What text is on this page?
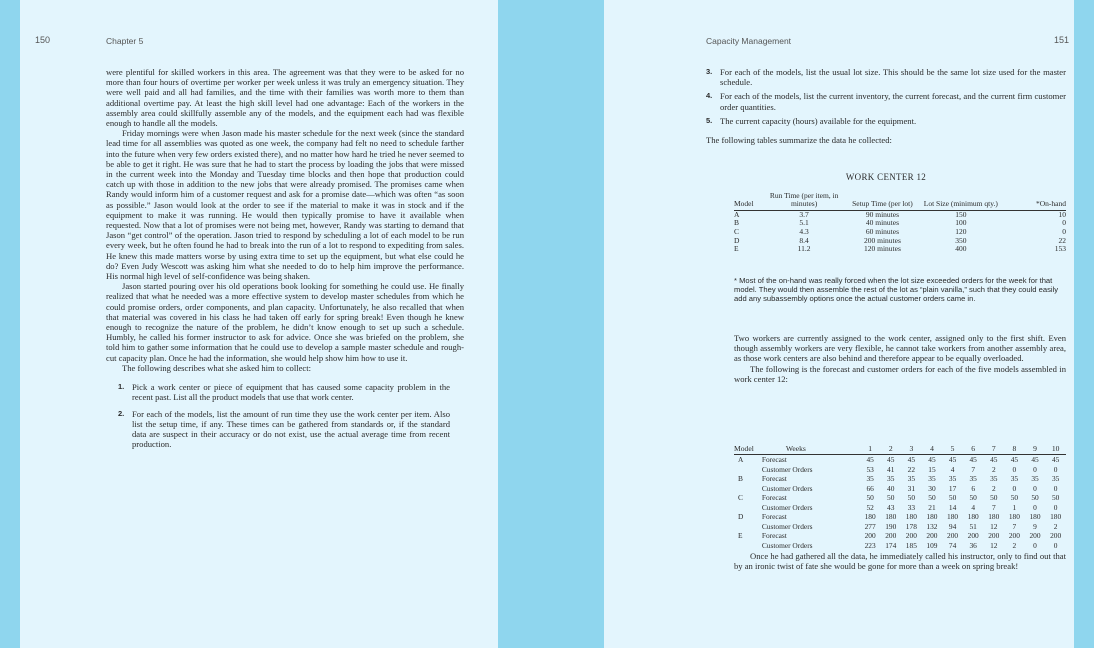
150	Chapter 5

were plentiful for skilled workers in this area. The agreement was that they were to be asked for no more than four hours of overtime per worker per week unless it was truly an emergency situation. They were well paid and all had families, and the time with their families was worth more to them than additional overtime pay. At least the high skill level had one advantage: Each of the workers in the assembly area could skillfully assemble any of the models, and the equipment each had was flexible enough to handle all the models.

Friday mornings were when Jason made his master schedule for the next week (since the standard lead time for all assemblies was quoted as one week, the company had felt no need to schedule farther into the future when very few orders existed there), and no matter how hard he tried he never seemed to be able to get it right. He was sure that he had to start the process by loading the jobs that were missed in the current week into the Monday and Tuesday time blocks and then hope that production could catch up with those in addition to the new jobs that were already promised. The promises came when Randy would inform him of a customer request and ask for a promise date—which was often “as soon as possible.” Jason would look at the order to see if the material to make it was in stock and if the equipment to make it was running. He would then typically promise to have it available when requested. Now that a lot of promises were not being met, however, Randy was starting to demand that Jason “get control” of the operation. Jason tried to respond by scheduling a lot of each model to be run every week, but he often found he had to break into the run of a lot to respond to expediting from sales. He knew this made matters worse by using extra time to set up the equipment, but what else could he do? Even Judy Wescott was asking him what she needed to do to help him improve the performance. His normal high level of self-confidence was being shaken.

Jason started pouring over his old operations book looking for something he could use. He finally realized that what he needed was a more effective system to develop master schedules from which he could promise orders, order components, and plan capacity. Unfortunately, he also recalled that when that material was covered in his class he had taken off early for spring break! Even though he knew enough to recognize the nature of the problem, he didn’t know enough to set up such a schedule. Humbly, he called his former instructor to ask for advice. Once she was briefed on the problem, she told him to gather some information that he could use to develop a sample master schedule and rough-cut capacity plan. Once he had the information, she would help show him how to use it.

The following describes what she asked him to collect:

1. Pick a work center or piece of equipment that has caused some capacity problem in the recent past. List all the product models that use that work center.

2. For each of the models, list the amount of run time they use the work center per item. Also list the setup time, if any. These times can be gathered from standards or, if the standard data are suspect in their accuracy or do not exist, use the actual average time from recent production.

Capacity Management	151

3. For each of the models, list the usual lot size. This should be the same lot size used for the master schedule.

4. For each of the models, list the current inventory, the current forecast, and the current firm customer order quantities.

5. The current capacity (hours) available for the equipment.

The following tables summarize the data he collected:

WORK CENTER 12
Model	Run Time (per item, in minutes)	Setup Time (per lot)	Lot Size (minimum qty.)	*On-hand
A	3.7	90 minutes	150	10
B	5.1	40 minutes	100	0
C	4.3	60 minutes	120	0
D	8.4	200 minutes	350	22
E	11.2	120 minutes	400	153
* Most of the on-hand was really forced when the lot size exceeded orders for the week for that model. They would then assemble the rest of the lot as “plain vanilla,” such that they could easily add any subassembly options once the actual customer orders came in.

Two workers are currently assigned to the work center, assigned only to the first shift. Even though assembly workers are very flexible, he cannot take workers from another assembly area, as those work centers are also behind and therefore appear to be equally overloaded.

The following is the forecast and customer orders for each of the five models assembled in work center 12:

Model	Weeks		1	2	3	4	5	6	7	8	9	10

A	Forecast	45	45	45	45	45	45	45	45	45	45
	Customer Orders	53	41	22	15	4	7	2	0	0	0
B	Forecast	35	35	35	35	35	35	35	35	35	35
	Customer Orders	66	40	31	30	17	6	2	0	0	0
C	Forecast	50	50	50	50	50	50	50	50	50	50
	Customer Orders	52	43	33	21	14	4	7	1	0	0
D	Forecast	180	180	180	180	180	180	180	180	180	180
	Customer Orders	277	190	178	132	94	51	12	7	9	2
E	Forecast	200	200	200	200	200	200	200	200	200	200
	Customer Orders	223	174	185	109	74	36	12	2	0	0

Once he had gathered all the data, he immediately called his instructor, only to find out that by an ironic twist of fate she would be gone for more than a week on spring break!
